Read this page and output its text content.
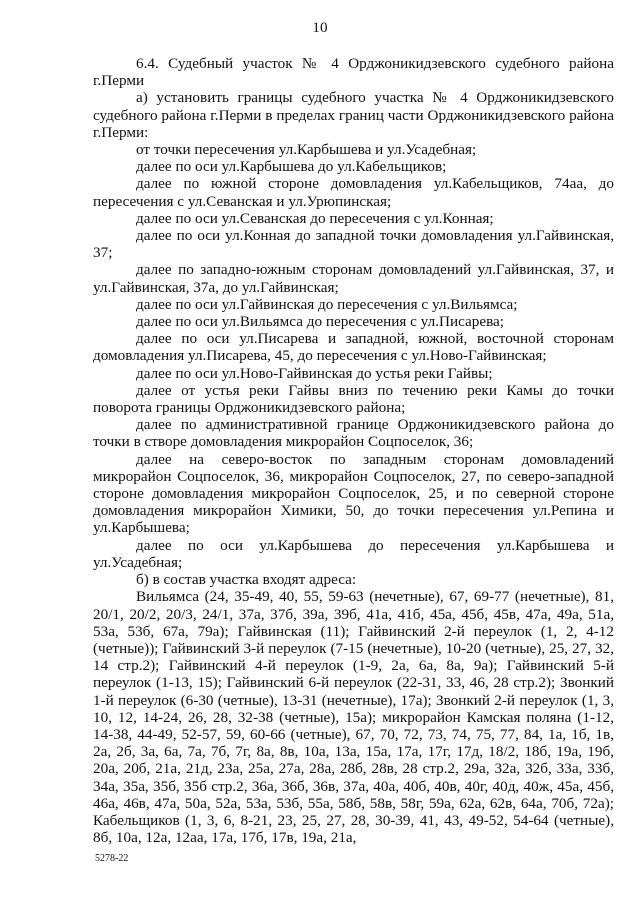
10

6.4. Судебный участок № 4 Орджоникидзевского судебного района г.Перми

а) установить границы судебного участка № 4 Орджоникидзевского судебного района г.Перми в пределах границ части Орджоникидзевского района г.Перми:

от точки пересечения ул.Карбышева и ул.Усадебная;

далее по оси ул.Карбышева до ул.Кабельщиков;

далее по южной стороне домовладения ул.Кабельщиков, 74аа, до пересечения с ул.Севанская и ул.Урюпинская;

далее по оси ул.Севанская до пересечения с ул.Конная;

далее по оси ул.Конная до западной точки домовладения ул.Гайвинская, 37;

далее по западно-южным сторонам домовладений ул.Гайвинская, 37, и ул.Гайвинская, 37а, до ул.Гайвинская;

далее по оси ул.Гайвинская до пересечения с ул.Вильямса;

далее по оси ул.Вильямса до пересечения с ул.Писарева;

далее по оси ул.Писарева и западной, южной, восточной сторонам домовладения ул.Писарева, 45, до пересечения с ул.Ново-Гайвинская;

далее по оси ул.Ново-Гайвинская до устья реки Гайвы;

далее от устья реки Гайвы вниз по течению реки Камы до точки поворота границы Орджоникидзевского района;

далее по административной границе Орджоникидзевского района до точки в створе домовладения микрорайон Соцпоселок, 36;

далее на северо-восток по западным сторонам домовладений микрорайон Соцпоселок, 36, микрорайон Соцпоселок, 27, по северо-западной стороне домовладения микрорайон Соцпоселок, 25, и по северной стороне домовладения микрорайон Химики, 50, до точки пересечения ул.Репина и ул.Карбышева;

далее по оси ул.Карбышева до пересечения ул.Карбышева и ул.Усадебная;

б) в состав участка входят адреса:

Вильямса (24, 35-49, 40, 55, 59-63 (нечетные), 67, 69-77 (нечетные), 81, 20/1, 20/2, 20/3, 24/1, 37а, 37б, 39а, 39б, 41а, 41б, 45а, 45б, 45в, 47а, 49а, 51а, 53а, 53б, 67а, 79а); Гайвинская (11); Гайвинский 2-й переулок (1, 2, 4-12 (четные)); Гайвинский 3-й переулок (7-15 (нечетные), 10-20 (четные), 25, 27, 32, 14 стр.2); Гайвинский 4-й переулок (1-9, 2а, 6а, 8а, 9а); Гайвинский 5-й переулок (1-13, 15); Гайвинский 6-й переулок (22-31, 33, 46, 28 стр.2); Звонкий 1-й переулок (6-30 (четные), 13-31 (нечетные), 17а); Звонкий 2-й переулок (1, 3, 10, 12, 14-24, 26, 28, 32-38 (четные), 15а); микрорайон Камская поляна (1-12, 14-38, 44-49, 52-57, 59, 60-66 (четные), 67, 70, 72, 73, 74, 75, 77, 84, 1а, 1б, 1в, 2а, 2б, 3а, 6а, 7а, 7б, 7г, 8а, 8в, 10а, 13а, 15а, 17а, 17г, 17д, 18/2, 18б, 19а, 19б, 20а, 20б, 21а, 21д, 23а, 25а, 27а, 28а, 28б, 28в, 28 стр.2, 29а, 32а, 32б, 33а, 33б, 34а, 35а, 35б, 35б стр.2, 36а, 36б, 36в, 37а, 40а, 40б, 40в, 40г, 40д, 40ж, 45а, 45б, 46а, 46в, 47а, 50а, 52а, 53а, 53б, 55а, 58б, 58в, 58г, 59а, 62а, 62в, 64а, 70б, 72а); Кабельщиков (1, 3, 6, 8-21, 23, 25, 27, 28, 30-39, 41, 43, 49-52, 54-64 (четные), 8б, 10а, 12а, 12аа, 17а, 17б, 17в, 19а, 21а,

5278-22
